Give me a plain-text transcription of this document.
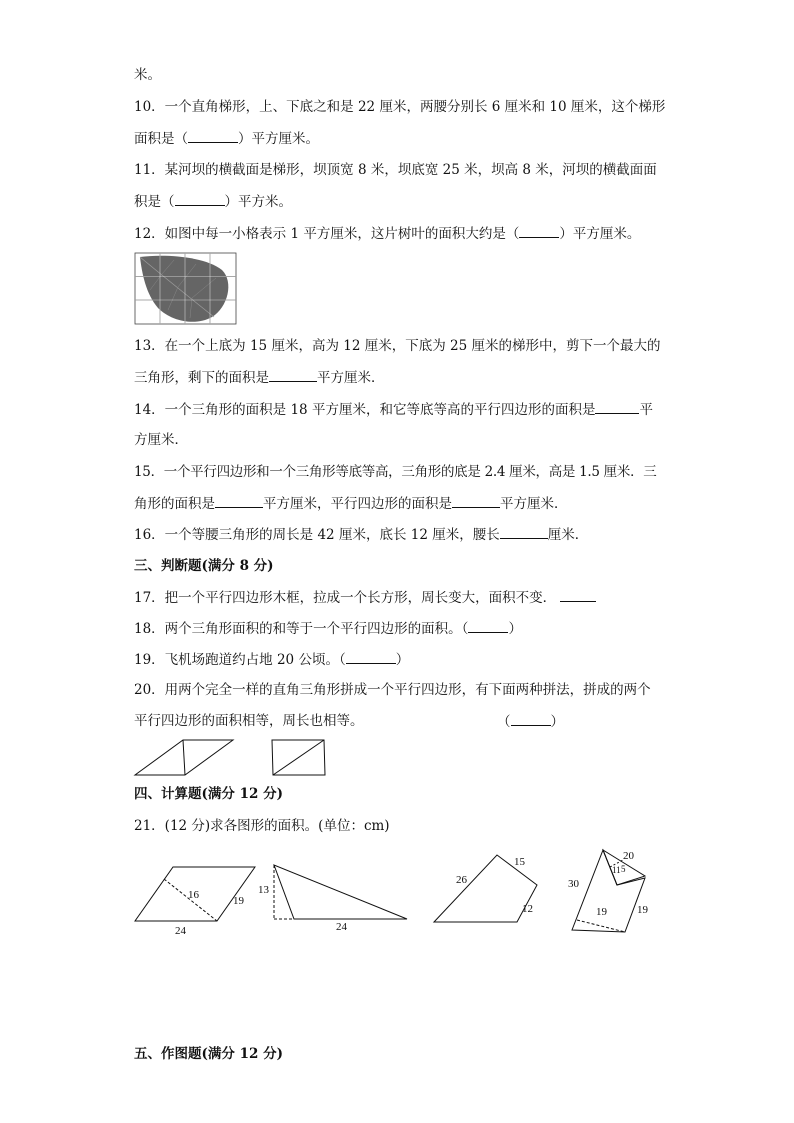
米。
10．一个直角梯形，上、下底之和是 22 厘米，两腰分别长 6 厘米和 10 厘米，这个梯形
面积是（	）平方厘米。
11．某河坝的横截面是梯形，坝顶宽 8 米，坝底宽 25 米，坝高 8 米，河坝的横截面面
积是（	）平方米。
12．如图中每一小格表示 1 平方厘米，这片树叶的面积大约是（	）平方厘米。
13．在一个上底为 15 厘米，高为 12 厘米，下底为 25 厘米的梯形中，剪下一个最大的
三角形，剩下的面积是	平方厘米．
14．一个三角形的面积是 18 平方厘米，和它等底等高的平行四边形的面积是	平
方厘米．
15．一个平行四边形和一个三角形等底等高，三角形的底是 2.4 厘米，高是 1.5 厘米．三
角形的面积是	平方厘米，平行四边形的面积是	平方厘米．
16．一个等腰三角形的周长是 42 厘米，底长 12 厘米，腰长	厘米．
三、判断题(满分 8 分)
17．把一个平行四边形木框，拉成一个长方形，周长变大，面积不变．
18．两个三角形面积的和等于一个平行四边形的面积。（	）
19．飞机场跑道约占地 20 公顷。（	）
20．用两个完全一样的直角三角形拼成一个平行四边形，有下面两种拼法，拼成的两个
平行四边形的面积相等，周长也相等。	（	）
四、计算题(满分 12 分)
21．(12 分)求各图形的面积。(单位：cm)
16	19
24
13
24
26
15
12
30
20
11 5
19	19
五、作图题(满分 12 分)
